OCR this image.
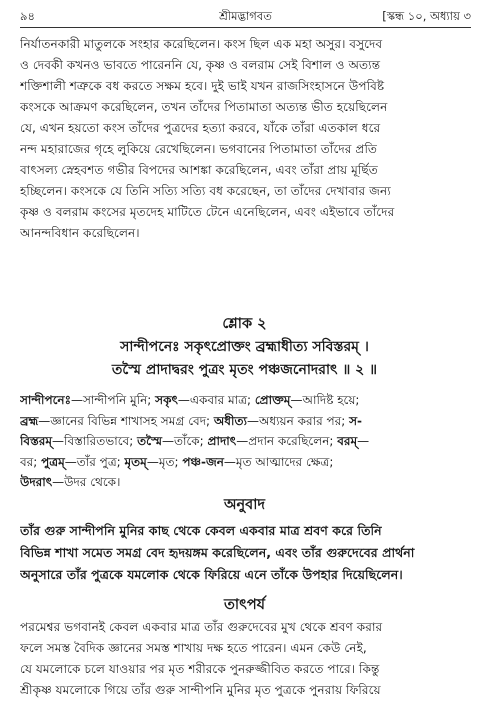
৯৪	শ্রীমদ্ভাগবত	[স্কন্ধ ১০, অধ্যায় ৩
নির্যাতনকারী মাতুলকে সংহার করেছিলেন। কংস ছিল এক মহা অসুর। বসুদেব
ও দেবকী কখনও ভাবতে পারেননি যে, কৃষ্ণ ও বলরাম সেই বিশাল ও অত্যন্ত
শক্তিশালী শত্রুকে বধ করতে সক্ষম হবে। দুই ভাই যখন রাজসিংহাসনে উপবিষ্ট
কংসকে আক্রমণ করেছিলেন, তখন তাঁদের পিতামাতা অত্যন্ত ভীত হয়েছিলেন
যে, এখন হয়তো কংস তাঁদের পুত্রদের হত্যা করবে, যাঁকে তাঁরা এতকাল ধরে
নন্দ মহারাজের গৃহে লুকিয়ে রেখেছিলেন। ভগবানের পিতামাতা তাঁদের প্রতি
বাৎসল্য স্নেহবশত গভীর বিপদের আশঙ্কা করেছিলেন, এবং তাঁরা প্রায় মূর্ছিত
হচ্ছিলেন। কংসকে যে তিনি সত্যি সত্যি বধ করেছেন, তা তাঁদের দেখাবার জন্য
কৃষ্ণ ও বলরাম কংসের মৃতদেহ মাটিতে টেনে এনেছিলেন, এবং এইভাবে তাঁদের
আনন্দবিধান করেছিলেন।
শ্লোক ২
সান্দীপনেঃ সকৃৎপ্রোক্তং ব্রহ্মাধীত্য সবিস্তরম্ ।
তস্মৈ প্রাদাদ্বরং পুত্রং মৃতং পঞ্চজনোদরাৎ ॥ ২ ॥
সান্দীপনেঃ—সান্দীপনি মুনি; সকৃৎ—একবার মাত্র; প্রোক্তম্—আদিষ্ট হয়ে;
ব্রহ্ম—জ্ঞানের বিভিন্ন শাখাসহ সমগ্র বেদ; অধীত্য—অধ্যয়ন করার পর; স-
বিস্তরম্—বিস্তারিতভাবে; তস্মৈ—তাঁকে; প্রাদাৎ—প্রদান করেছিলেন; বরম্—
বর; পুত্রম্—তাঁর পুত্র; মৃতম্—মৃত; পঞ্চ-জন—মৃত আত্মাদের ক্ষেত্র;
উদরাৎ—উদর থেকে।
অনুবাদ
তাঁর গুরু সান্দীপনি মুনির কাছ থেকে কেবল একবার মাত্র শ্রবণ করে তিনি
বিভিন্ন শাখা সমেত সমগ্র বেদ হৃদয়ঙ্গম করেছিলেন, এবং তাঁর গুরুদেবের প্রার্থনা
অনুসারে তাঁর পুত্রকে যমলোক থেকে ফিরিয়ে এনে তাঁকে উপহার দিয়েছিলেন।
তাৎপর্য
পরমেশ্বর ভগবানই কেবল একবার মাত্র তাঁর গুরুদেবের মুখ থেকে শ্রবণ করার
ফলে সমস্ত বৈদিক জ্ঞানের সমস্ত শাখায় দক্ষ হতে পারেন। এমন কেউ নেই,
যে যমলোকে চলে যাওয়ার পর মৃত শরীরকে পুনরুজ্জীবিত করতে পারে। কিন্তু
শ্রীকৃষ্ণ যমলোকে গিয়ে তাঁর গুরু সান্দীপনি মুনির মৃত পুত্রকে পুনরায় ফিরিয়ে
